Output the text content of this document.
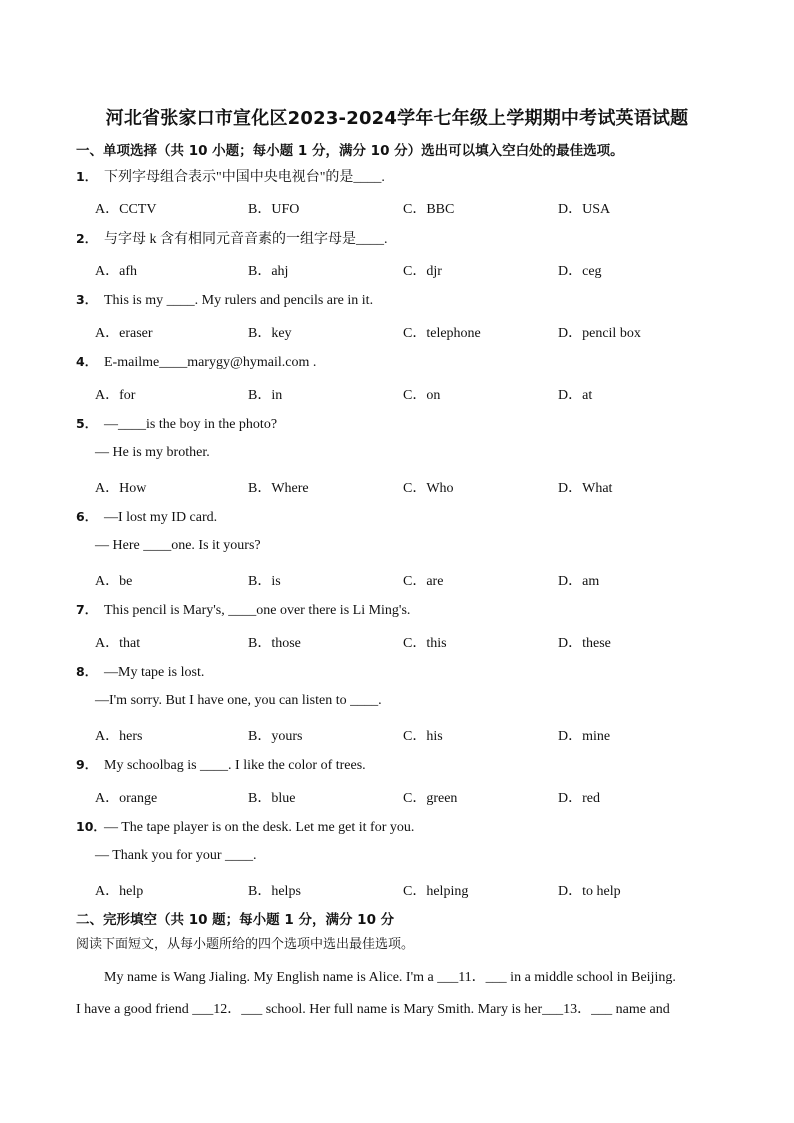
河北省张家口市宣化区2023-2024学年七年级上学期期中考试英语试题
一、单项选择（共 10 小题；每小题 1 分，满分 10 分）选出可以填入空白处的最佳选项。
1． 下列字母组合表示"中国中央电视台"的是____.
A．CCTV	B．UFO	C．BBC	D．USA
2． 与字母 k 含有相同元音音素的一组字母是____.
A．afh	B．ahj	C．djr	D．ceg
3． This is my ____. My rulers and pencils are in it.
A．eraser	B．key	C．telephone	D．pencil box
4． E-mailme____marygy@hymail.com .
A．for	B．in	C．on	D．at
5． —____is the boy in the photo?
— He is my brother.
A．How	B．Where	C．Who	D．What
6． —I lost my ID card.
— Here ____one. Is it yours?
A．be	B．is	C．are	D．am
7． This pencil is Mary's, ____one over there is Li Ming's.
A．that	B．those	C．this	D．these
8． —My tape is lost.
—I'm sorry. But I have one, you can listen to ____.
A．hers	B．yours	C．his	D．mine
9． My schoolbag is ____. I like the color of trees.
A．orange	B．blue	C．green	D．red
10．— The tape player is on the desk. Let me get it for you.
— Thank you for your ____.
A．help	B．helps	C．helping	D．to help
二、完形填空（共 10 题；每小题 1 分，满分 10 分
阅读下面短文，从每小题所给的四个选项中选出最佳选项。
My name is Wang Jialing. My English name is Alice. I'm a ___11．___ in a middle school in Beijing.
I have a good friend ___12．___ school. Her full name is Mary Smith. Mary is her___13．___ name and
